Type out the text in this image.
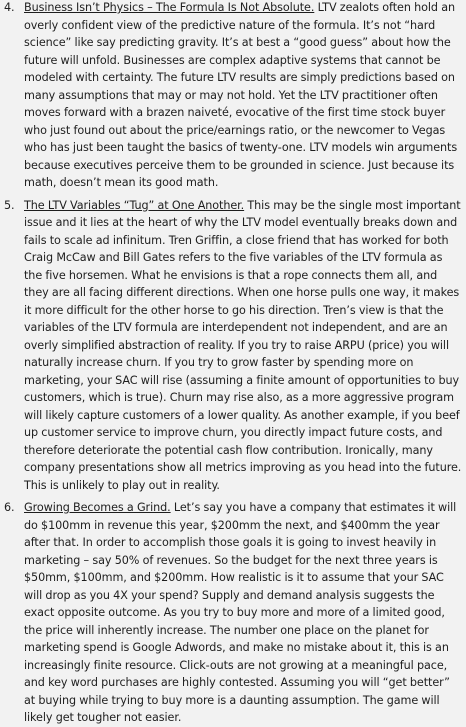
4. Business Isn’t Physics – The Formula Is Not Absolute. LTV zealots often hold an overly confident view of the predictive nature of the formula. It’s not “hard science” like say predicting gravity. It’s at best a “good guess” about how the future will unfold. Businesses are complex adaptive systems that cannot be modeled with certainty. The future LTV results are simply predictions based on many assumptions that may or may not hold. Yet the LTV practitioner often moves forward with a brazen naiveté, evocative of the first time stock buyer who just found out about the price/earnings ratio, or the newcomer to Vegas who has just been taught the basics of twenty-one. LTV models win arguments because executives perceive them to be grounded in science. Just because its math, doesn’t mean its good math.
5. The LTV Variables “Tug” at One Another. This may be the single most important issue and it lies at the heart of why the LTV model eventually breaks down and fails to scale ad infinitum. Tren Griffin, a close friend that has worked for both Craig McCaw and Bill Gates refers to the five variables of the LTV formula as the five horsemen. What he envisions is that a rope connects them all, and they are all facing different directions. When one horse pulls one way, it makes it more difficult for the other horse to go his direction. Tren’s view is that the variables of the LTV formula are interdependent not independent, and are an overly simplified abstraction of reality. If you try to raise ARPU (price) you will naturally increase churn. If you try to grow faster by spending more on marketing, your SAC will rise (assuming a finite amount of opportunities to buy customers, which is true). Churn may rise also, as a more aggressive program will likely capture customers of a lower quality. As another example, if you beef up customer service to improve churn, you directly impact future costs, and therefore deteriorate the potential cash flow contribution. Ironically, many company presentations show all metrics improving as you head into the future. This is unlikely to play out in reality.
6. Growing Becomes a Grind. Let’s say you have a company that estimates it will do $100mm in revenue this year, $200mm the next, and $400mm the year after that. In order to accomplish those goals it is going to invest heavily in marketing – say 50% of revenues. So the budget for the next three years is $50mm, $100mm, and $200mm. How realistic is it to assume that your SAC will drop as you 4X your spend? Supply and demand analysis suggests the exact opposite outcome. As you try to buy more and more of a limited good, the price will inherently increase. The number one place on the planet for marketing spend is Google Adwords, and make no mistake about it, this is an increasingly finite resource. Click-outs are not growing at a meaningful pace, and key word purchases are highly contested. Assuming you will “get better” at buying while trying to buy more is a daunting assumption. The game will likely get tougher not easier.
